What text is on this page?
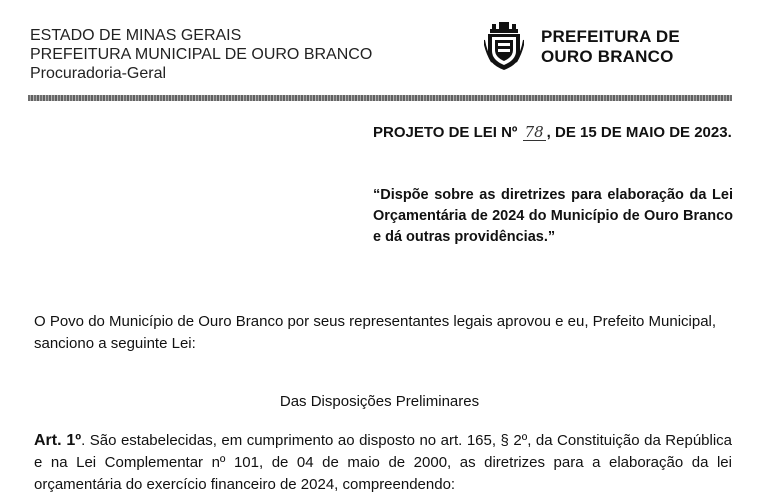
ESTADO DE MINAS GERAIS
PREFEITURA MUNICIPAL DE OURO BRANCO
Procuradoria-Geral
PREFEITURA DE
OURO BRANCO
PROJETO DE LEI Nº 78 , DE 15 DE MAIO DE 2023.
“Dispõe sobre as diretrizes para elaboração da Lei Orçamentária de 2024 do Município de Ouro Branco e dá outras providências.”
O Povo do Município de Ouro Branco por seus representantes legais aprovou e eu, Prefeito Municipal, sanciono a seguinte Lei:
Das Disposições Preliminares
Art. 1º. São estabelecidas, em cumprimento ao disposto no art. 165, § 2º, da Constituição da República e na Lei Complementar nº 101, de 04 de maio de 2000, as diretrizes para a elaboração da lei orçamentária do exercício financeiro de 2024, compreendendo:
